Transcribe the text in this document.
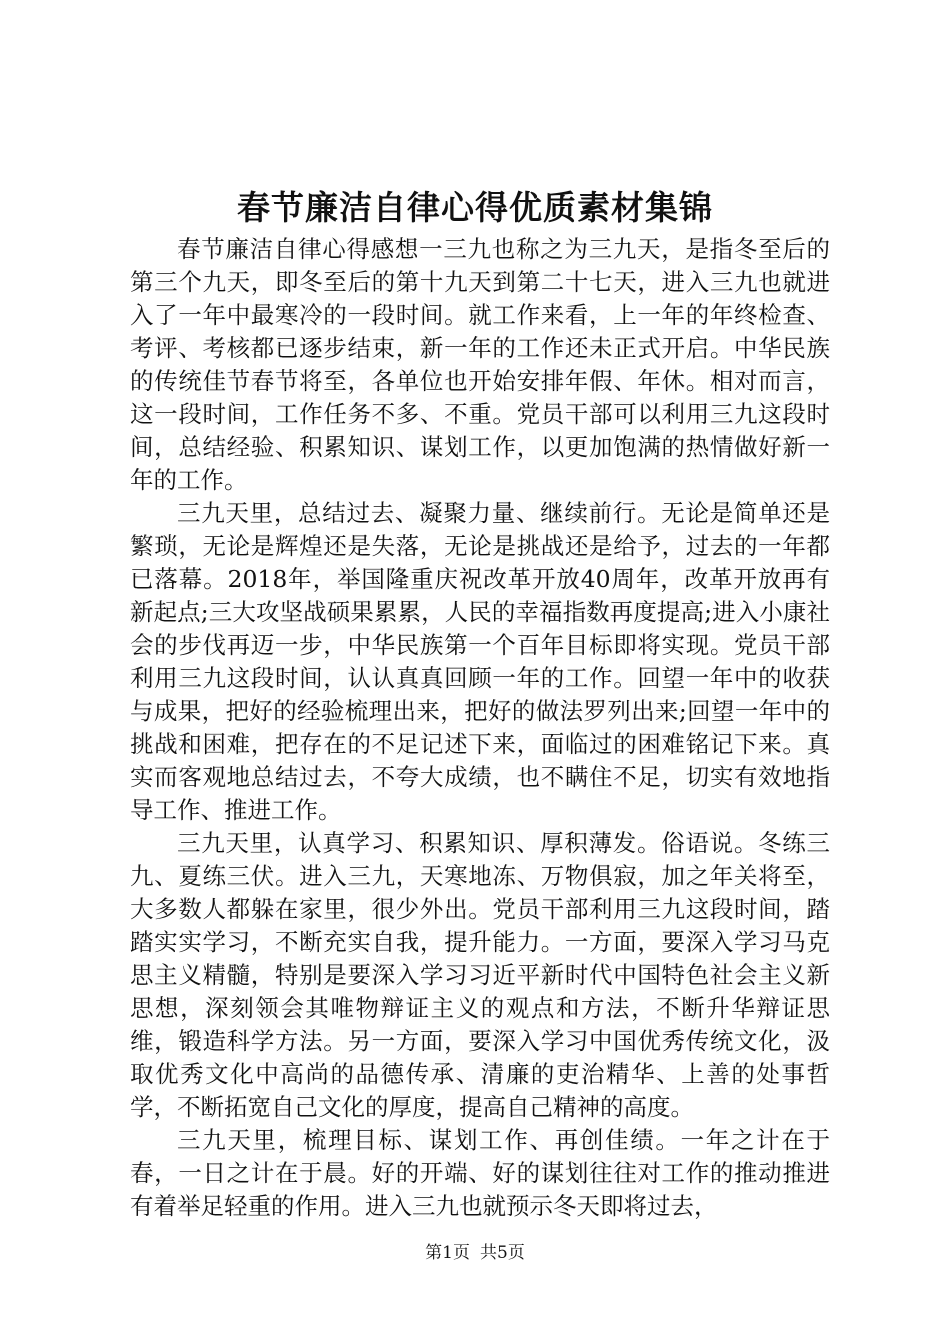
春节廉洁自律心得优质素材集锦

春节廉洁自律心得感想一三九也称之为三九天，是指冬至后的第三个九天，即冬至后的第十九天到第二十七天，进入三九也就进入了一年中最寒冷的一段时间。就工作来看，上一年的年终检查、考评、考核都已逐步结束，新一年的工作还未正式开启。中华民族的传统佳节春节将至，各单位也开始安排年假、年休。相对而言，这一段时间，工作任务不多、不重。党员干部可以利用三九这段时间，总结经验、积累知识、谋划工作，以更加饱满的热情做好新一年的工作。

三九天里，总结过去、凝聚力量、继续前行。无论是简单还是繁琐，无论是辉煌还是失落，无论是挑战还是给予，过去的一年都已落幕。2018年，举国隆重庆祝改革开放40周年，改革开放再有新起点;三大攻坚战硕果累累，人民的幸福指数再度提高;进入小康社会的步伐再迈一步，中华民族第一个百年目标即将实现。党员干部利用三九这段时间，认认真真回顾一年的工作。回望一年中的收获与成果，把好的经验梳理出来，把好的做法罗列出来;回望一年中的挑战和困难，把存在的不足记述下来，面临过的困难铭记下来。真实而客观地总结过去，不夸大成绩，也不瞒住不足，切实有效地指导工作、推进工作。

三九天里，认真学习、积累知识、厚积薄发。俗语说。冬练三九、夏练三伏。进入三九，天寒地冻、万物俱寂，加之年关将至，大多数人都躲在家里，很少外出。党员干部利用三九这段时间，踏踏实实学习，不断充实自我，提升能力。一方面，要深入学习马克思主义精髓，特别是要深入学习习近平新时代中国特色社会主义新思想，深刻领会其唯物辩证主义的观点和方法，不断升华辩证思维，锻造科学方法。另一方面，要深入学习中国优秀传统文化，汲取优秀文化中高尚的品德传承、清廉的吏治精华、上善的处事哲学，不断拓宽自己文化的厚度，提高自己精神的高度。

三九天里，梳理目标、谋划工作、再创佳绩。一年之计在于春，一日之计在于晨。好的开端、好的谋划往往对工作的推动推进有着举足轻重的作用。进入三九也就预示冬天即将过去，

第1页 共5页
